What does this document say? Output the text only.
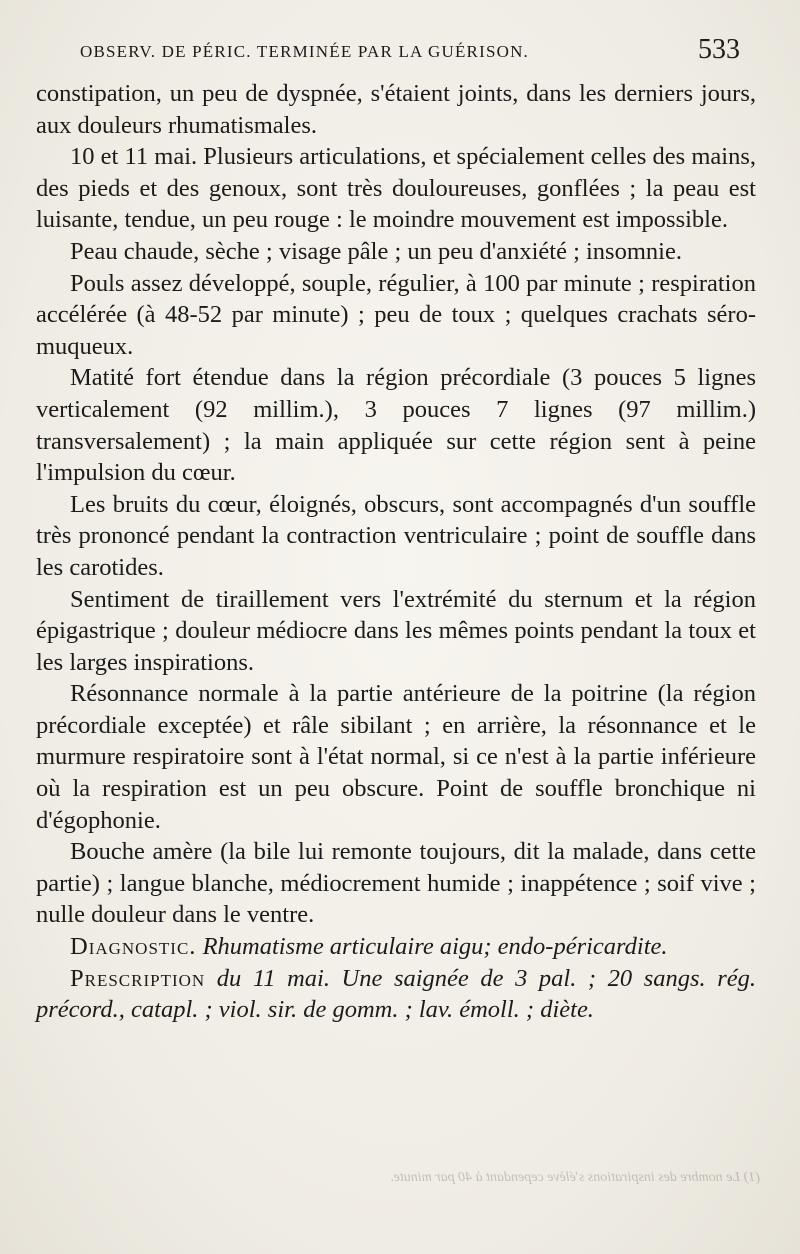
OBSERV. DE PÉRIC. TERMINÉE PAR LA GUÉRISON.	533

constipation, un peu de dyspnée, s'étaient joints, dans les derniers jours, aux douleurs rhumatismales.

10 et 11 mai. Plusieurs articulations, et spécialement celles des mains, des pieds et des genoux, sont très douloureuses, gonflées ; la peau est luisante, tendue, un peu rouge : le moindre mouvement est impossible.

Peau chaude, sèche ; visage pâle ; un peu d'anxiété ; insomnie.

Pouls assez développé, souple, régulier, à 100 par minute ; respiration accélérée (à 48-52 par minute) ; peu de toux ; quelques crachats séro-muqueux.

Matité fort étendue dans la région précordiale (3 pouces 5 lignes verticalement (92 millim.), 3 pouces 7 lignes (97 millim.) transversalement) ; la main appliquée sur cette région sent à peine l'impulsion du cœur.

Les bruits du cœur, éloignés, obscurs, sont accompagnés d'un souffle très prononcé pendant la contraction ventriculaire ; point de souffle dans les carotides.

Sentiment de tiraillement vers l'extrémité du sternum et la région épigastrique ; douleur médiocre dans les mêmes points pendant la toux et les larges inspirations.

Résonnance normale à la partie antérieure de la poitrine (la région précordiale exceptée) et râle sibilant ; en arrière, la résonnance et le murmure respiratoire sont à l'état normal, si ce n'est à la partie inférieure où la respiration est un peu obscure. Point de souffle bronchique ni d'égophonie.

Bouche amère (la bile lui remonte toujours, dit la malade, dans cette partie) ; langue blanche, médiocrement humide ; inappétence ; soif vive ; nulle douleur dans le ventre.

Diagnostic. Rhumatisme articulaire aigu; endo-péricardite.

Prescription du 11 mai. Une saignée de 3 pal. ; 20 sangs. rég. précord., catapl. ; viol. sir. de gomm. ; lav. émoll. ; diète.

(1) Le nombre des inspirations s'élève cependant à 40 par minute.
